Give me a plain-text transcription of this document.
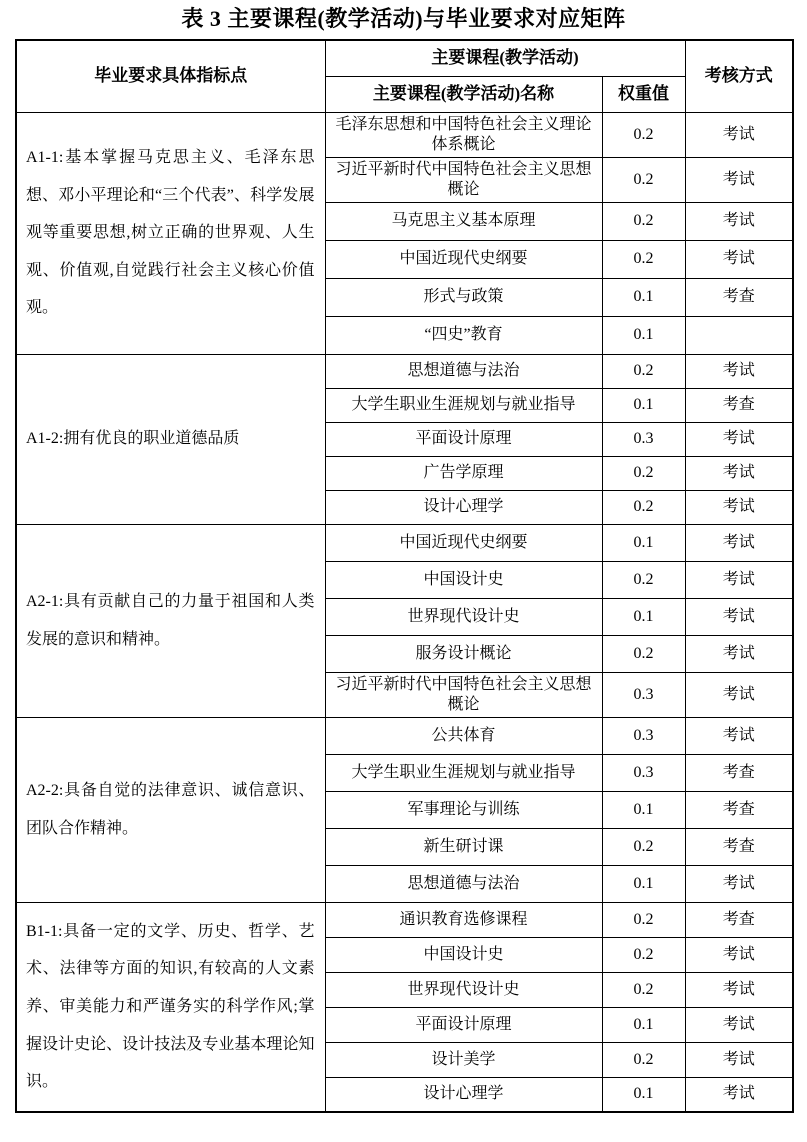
表 3 主要课程(教学活动)与毕业要求对应矩阵
毕业要求具体指标点	主要课程(教学活动)		考核方式
	主要课程(教学活动)名称	权重值	
A1-1:基本掌握马克思主义、毛泽东思想、邓小平理论和“三个代表”、科学发展观等重要思想,树立正确的世界观、人生观、价值观,自觉践行社会主义核心价值观。	毛泽东思想和中国特色社会主义理论体系概论	0.2	考试
	习近平新时代中国特色社会主义思想概论	0.2	考试
	马克思主义基本原理	0.2	考试
	中国近现代史纲要	0.2	考试
	形式与政策	0.1	考查
	“四史”教育	0.1	
A1-2:拥有优良的职业道德品质	思想道德与法治	0.2	考试
	大学生职业生涯规划与就业指导	0.1	考查
	平面设计原理	0.3	考试
	广告学原理	0.2	考试
	设计心理学	0.2	考试
A2-1:具有贡献自己的力量于祖国和人类发展的意识和精神。	中国近现代史纲要	0.1	考试
	中国设计史	0.2	考试
	世界现代设计史	0.1	考试
	服务设计概论	0.2	考试
	习近平新时代中国特色社会主义思想概论	0.3	考试
A2-2:具备自觉的法律意识、诚信意识、团队合作精神。	公共体育	0.3	考试
	大学生职业生涯规划与就业指导	0.3	考查
	军事理论与训练	0.1	考查
	新生研讨课	0.2	考查
	思想道德与法治	0.1	考试
B1-1:具备一定的文学、历史、哲学、艺术、法律等方面的知识,有较高的人文素养、审美能力和严谨务实的科学作风;掌握设计史论、设计技法及专业基本理论知识。	通识教育选修课程	0.2	考查
	中国设计史	0.2	考试
	世界现代设计史	0.2	考试
	平面设计原理	0.1	考试
	设计美学	0.2	考试
	设计心理学	0.1	考试
